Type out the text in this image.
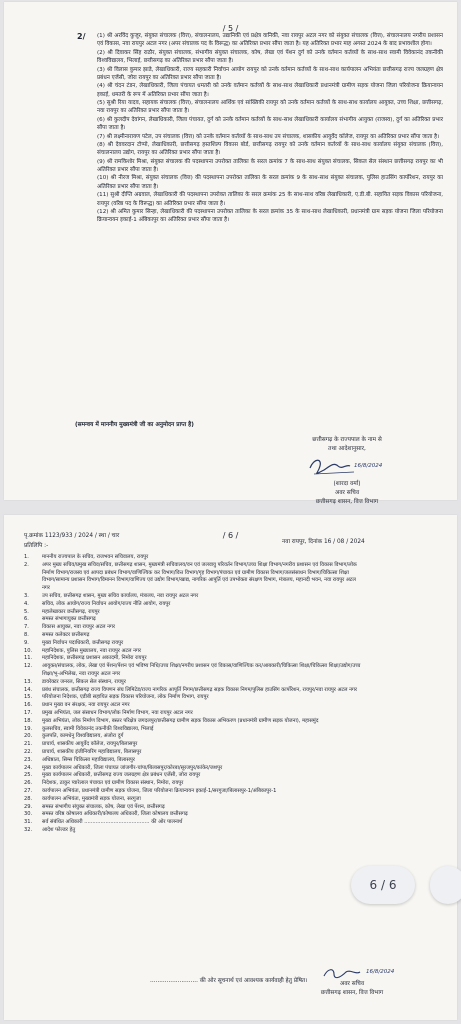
/ 5 /
2/ (1) श्री अरविंद कुजूर, संयुक्त संचालक (वित्त), संचालनालय, उद्यानिकी एवं प्रक्षेत्र वानिकी, नवा रायपुर अटल नगर को संयुक्त संचालक (वित्त), संचालनालय नगरीय प्रशासन एवं विकास, नवा रायपुर अटल नगर (अपर संचालक पद के विरूद्ध) का अतिरिक्त प्रभार सौंपा जाता है। यह अतिरिक्त प्रभार माह अगस्त 2024 के बाद प्रभावशील होगा।

(2) श्री दिवाकर सिंह राठौर, संयुक्त संचालक, संभागीय संयुक्त संचालक, कोष, लेखा एवं पेंशन दुर्ग को उनके वर्तमान कर्तव्यों के साथ-साथ स्वामी विवेकानंद तकनीकी विश्वविद्यालय, भिलाई, छत्तीसगढ़ का अतिरिक्त प्रभार सौंपा जाता है।

(3) श्री विलास कुमार झाडे, लेखाधिकारी, राज्य सहकारी निर्वाचन आयोग रायपुर को उनके वर्तमान कर्तव्यों के साथ-साथ कार्यपालन अभियंता छत्तीसगढ़ राज्य जलग्रहण क्षेत्र प्रबंधन एजेंसी, जोरा रायपुर का अतिरिक्त प्रभार सौंपा जाता है।

(4) श्री चंदन टंडन, लेखाधिकारी, जिला पंचायत धमतरी को उनके वर्तमान कर्तव्यों के साथ-साथ लेखाधिकारी प्रधानमंत्री ग्रामीण सड़क योजना जिला परियोजना क्रियान्वयन इकाई, धमतरी के रूप में अतिरिक्त प्रभार सौंपा जाता है।

(5) सुश्री रिया यादव, सहायक संचालक (वित्त), संचालनालय आर्थिक एवं सांख्यिकी रायपुर को उनके वर्तमान कर्तव्यों के साथ-साथ कार्यालय आयुक्त, उच्च शिक्षा, छत्तीसगढ़, नवा रायपुर का अतिरिक्त प्रभार सौंपा जाता है।

(6) श्री कुलदीप देवांगन, लेखाधिकारी, जिला पंचायत, दुर्ग को उनके वर्तमान कर्तव्यों के साथ-साथ लेखाधिकारी कार्यालय संभागीय आयुक्त (राजस्व), दुर्ग का अतिरिक्त प्रभार सौंपा जाता है।

(7) श्री लक्ष्मीनारायण पटेल, उप संचालक (वित्त) को उनके वर्तमान कर्तव्यों के साथ-साथ उप संचालक, शासकीय आयुर्वेद कॉलेज, रायपुर का अतिरिक्त प्रभार सौंपा जाता है।

(8) श्री देववरदान टोप्पो, लेखाधिकारी, छत्तीसगढ़ हस्तशिल्प विकास बोर्ड, छत्तीसगढ़ रायपुर को उनके वर्तमान कर्तव्यों के साथ-साथ कार्यालय संयुक्त संचालक (वित्त), संचालनालय उद्योग, रायपुर का अतिरिक्त प्रभार सौंपा जाता है।

(9) श्री रामकिशोर मिश्रा, संयुक्त संचालक की पदस्थापना उपरोक्त तालिका के सरल क्रमांक 7 के साथ-साथ संयुक्त संचालक, सिकल सेल संस्थान छत्तीसगढ़ रायपुर का भी अतिरिक्त प्रभार सौंपा जाता है।

(10) श्री नीरज मिश्रा, संयुक्त संचालक (वित्त) की पदस्थापना उपरोक्त तालिका के सरल क्रमांक 9 के साथ-साथ संयुक्त संचालक, पुलिस हाउसिंग कार्पोरेशन, रायपुर का अतिरिक्त प्रभार सौंपा जाता है।

(11) सुश्री दीप्ति अग्रवाल, लेखाधिकारी की पदस्थापना उपरोक्त तालिका के सरल क्रमांक 25 के साथ-साथ वरिष्ठ लेखाधिकारी, ए.डी.बी. सहायित सड़क विकास परियोजना, रायपुर (वरिष्ठ पद के विरूद्ध) का अतिरिक्त प्रभार सौंपा जाता है।

(12) श्री अमित कुमार सिन्हा, लेखाधिकारी की पदस्थापना उपरोक्त तालिका के सरल क्रमांक 35 के साथ-साथ लेखाधिकारी, प्रधानमंत्री ग्राम सड़क योजना जिला परियोजना क्रियान्वयन इकाई-1 अंबिकापुर का अतिरिक्त प्रभार सौंपा जाता है।

(समन्वय में माननीय मुख्यमंत्री जी का अनुमोदन प्राप्त है)
छत्तीसगढ़ के राज्यपाल के नाम से
तथा आदेशानुसार,
16/8/2024
(शारदा वर्मा)
अवर सचिव
छत्तीसगढ़ शासन, वित्त विभाग
/ 6 /
पृ.क्रमांक 1123/933 / 2024 / स्था / चार
प्रतिलिपि :-
नवा रायपुर, दिनांक 16 / 08 / 2024
1.	माननीय राज्यपाल के सचिव, राजभवन सचिवालय, रायपुर
2.	अपर मुख्य सचिव/प्रमुख सचिव/सचिव, छत्तीसगढ़ शासन, मुख्यमंत्री सचिवालय/वन एवं जलवायु परिवर्तन विभाग/उच्च शिक्षा विभाग/नगरीय प्रशासन एवं विकास विभाग/लोक निर्माण विभाग/राजस्व एवं आपदा प्रबंधन विभाग/वाणिज्यिक कर विभाग/वित्त विभाग/गृह विभाग/पंचायत एवं ग्रामीण विकास विभाग/जलसंसाधन विभाग/चिकित्सा शिक्षा विभाग/सामान्य प्रशासन विभाग/विमानन विभाग/वाणिज्य एवं उद्योग विभाग/खाद्य, नागरिक आपूर्ति एवं उपभोक्ता संरक्षण विभाग, मंत्रालय, महानदी भवन, नवा रायपुर अटल नगर
3.	उप सचिव, छत्तीसगढ़ शासन, मुख्य सचिव कार्यालय, मंत्रालय, नवा रायपुर अटल नगर
4.	सचिव, लोक आयोग/राज्य निर्वाचन आयोग/राज्य नीति आयोग, रायपुर
5.	महालेखाकार छत्तीसगढ़, रायपुर
6.	समस्त संभागायुक्त छत्तीसगढ़
7.	विकास आयुक्त, नवा रायपुर अटल नगर
8.	समस्त कलेक्टर छत्तीसगढ़
9.	मुख्य निर्वाचन पदाधिकारी, छत्तीसगढ़ रायपुर
10.	महानिदेशक, पुलिस मुख्यालय, नवा रायपुर अटल नगर
11.	महानिदेशक, छत्तीसगढ़ प्रशासन अकादमी, निमोरा रायपुर
12.	आयुक्त/संचालक, लोक, लेखा एवं पेंशन/पेंशन एवं भविष्य निधि/उच्च शिक्षा/नगरीय प्रशासन एवं विकास/वाणिज्यिक कर/आबकारी/चिकित्सा शिक्षा/चिकित्सा शिक्षा/उद्योग/उच्च शिक्षा/भू-अभिलेख, नवा रायपुर अटल नगर
13.	डायरेक्टर जनरल, सिकल सेल संस्थान, रायपुर
14.	प्रबंध संचालक, छत्तीसगढ़ राज्य विपणन संघ लिमिटेड/राज्य नागरिक आपूर्ति निगम/छत्तीसगढ़ सड़क विकास निगम/पुलिस हाउसिंग कार्पोरेशन, रायपुर/नवा रायपुर अटल नगर
15.	परियोजना निदेशक, एडीबी सहायित सड़क विकास परियोजना, लोक निर्माण विभाग, रायपुर
16.	प्रधान मुख्य वन संरक्षक, नवा रायपुर अटल नगर
17.	प्रमुख अभियंता, जल संसाधन विभाग/लोक निर्माण विभाग, नवा रायपुर अटल नगर
18.	मुख्य अभियंता, लोक निर्माण विभाग, बस्तर परिक्षेत्र जगदलपुर/छत्तीसगढ़ ग्रामीण सड़क विकास अभिकरण (प्रधानमंत्री ग्रामीण सड़क योजना), महासमुंद
19.	कुलसचिव, स्वामी विवेकानंद तकनीकी विश्वविद्यालय, भिलाई
20.	कुलपति, कामधेनु विश्वविद्यालय, अंजोरा दुर्ग
21.	प्राचार्य, शासकीय आयुर्वेद कॉलेज, रायपुर/बिलासपुर
22.	प्राचार्य, शासकीय इंजीनियरिंग महाविद्यालय, बिलासपुर
23.	अधिष्ठाता, सिम्स चिकित्सा महाविद्यालय, बिलासपुर
24.	मुख्य कार्यपालन अधिकारी, जिला पंचायत जांजगीर-चांपा/बिलासपुर/कोरबा/सूरजपुर/कांकेर/जशपुर
25.	मुख्य कार्यपालन अधिकारी, छत्तीसगढ़ राज्य जलग्रहण क्षेत्र प्रबंधन एजेंसी, जोरा रायपुर
26.	निदेशक, ठाकुर प्यारेलाल पंचायत एवं ग्रामीण विकास संस्थान, निमोरा, रायपुर
27.	कार्यपालन अभियंता, प्रधानमंत्री ग्रामीण सड़क योजना, जिला परियोजना क्रियान्वयन इकाई-1/सरगुजा/बिलासपुर-1/अंबिकापुर-1
28.	कार्यपालन अभियंता, मुख्यमंत्री सड़क योजना, सरगुजा
29.	समस्त संभागीय संयुक्त संचालक, कोष, लेखा एवं पेंशन, छत्तीसगढ़
30.	समस्त वरिष्ठ कोषालय अधिकारी/कोषालय अधिकारी, जिला कोषालय छत्तीसगढ़
31.	सर्व संबंधित अधिकारी ........................................ की ओर पालनार्थ
32.	आदेश फोल्डर हेतु
.......................... की ओर सूचनार्थ एवं आवश्यक कार्यवाही हेतु प्रेषित।
16/8/2024
अवर सचिव
छत्तीसगढ़ शासन, वित्त विभाग
6 / 6
